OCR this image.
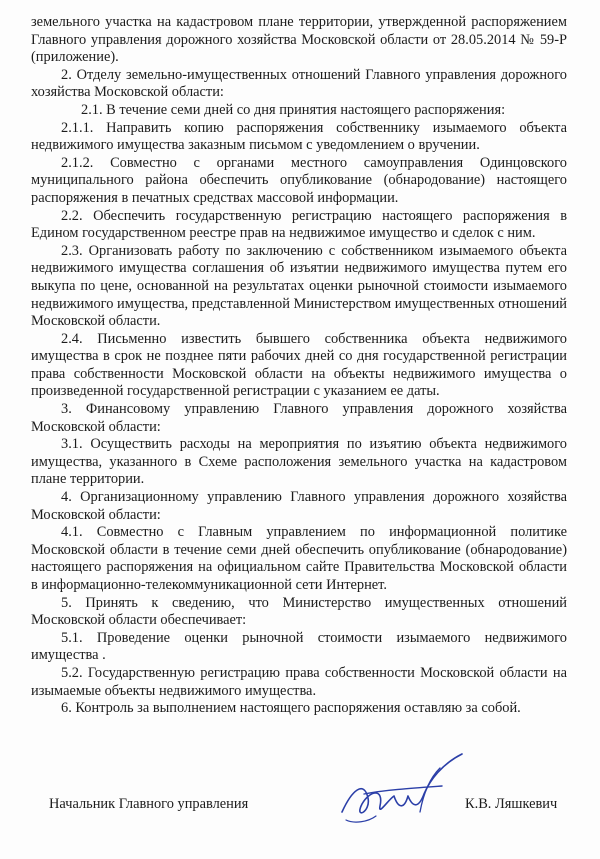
земельного участка на кадастровом плане территории, утвержденной распоряжением Главного управления дорожного хозяйства Московской области от 28.05.2014 № 59-Р (приложение).

2. Отделу земельно-имущественных отношений Главного управления дорожного хозяйства Московской области:

2.1. В течение семи дней со дня принятия настоящего распоряжения:

2.1.1. Направить копию распоряжения собственнику изымаемого объекта недвижимого имущества заказным письмом с уведомлением о вручении.

2.1.2. Совместно с органами местного самоуправления Одинцовского муниципального района обеспечить опубликование (обнародование) настоящего распоряжения в печатных средствах массовой информации.

2.2. Обеспечить государственную регистрацию настоящего распоряжения в Едином государственном реестре прав на недвижимое имущество и сделок с ним.

2.3. Организовать работу по заключению с собственником изымаемого объекта недвижимого имущества соглашения об изъятии недвижимого имущества путем его выкупа по цене, основанной на результатах оценки рыночной стоимости изымаемого недвижимого имущества, представленной Министерством имущественных отношений Московской области.

2.4. Письменно известить бывшего собственника объекта недвижимого имущества в срок не позднее пяти рабочих дней со дня государственной регистрации права собственности Московской области на объекты недвижимого имущества о произведенной государственной регистрации с указанием ее даты.

3. Финансовому управлению Главного управления дорожного хозяйства Московской области:

3.1. Осуществить расходы на мероприятия по изъятию объекта недвижимого имущества, указанного в Схеме расположения земельного участка на кадастровом плане территории.

4. Организационному управлению Главного управления дорожного хозяйства Московской области:

4.1. Совместно с Главным управлением по информационной политике Московской области в течение семи дней обеспечить опубликование (обнародование) настоящего распоряжения на официальном сайте Правительства Московской области в информационно-телекоммуникационной сети Интернет.

5. Принять к сведению, что Министерство имущественных отношений Московской области обеспечивает:

5.1. Проведение оценки рыночной стоимости изымаемого недвижимого имущества .

5.2. Государственную регистрацию права собственности Московской области на изымаемые объекты недвижимого имущества.

6. Контроль за выполнением настоящего распоряжения оставляю за собой.

Начальник Главного управления	К.В. Ляшкевич
